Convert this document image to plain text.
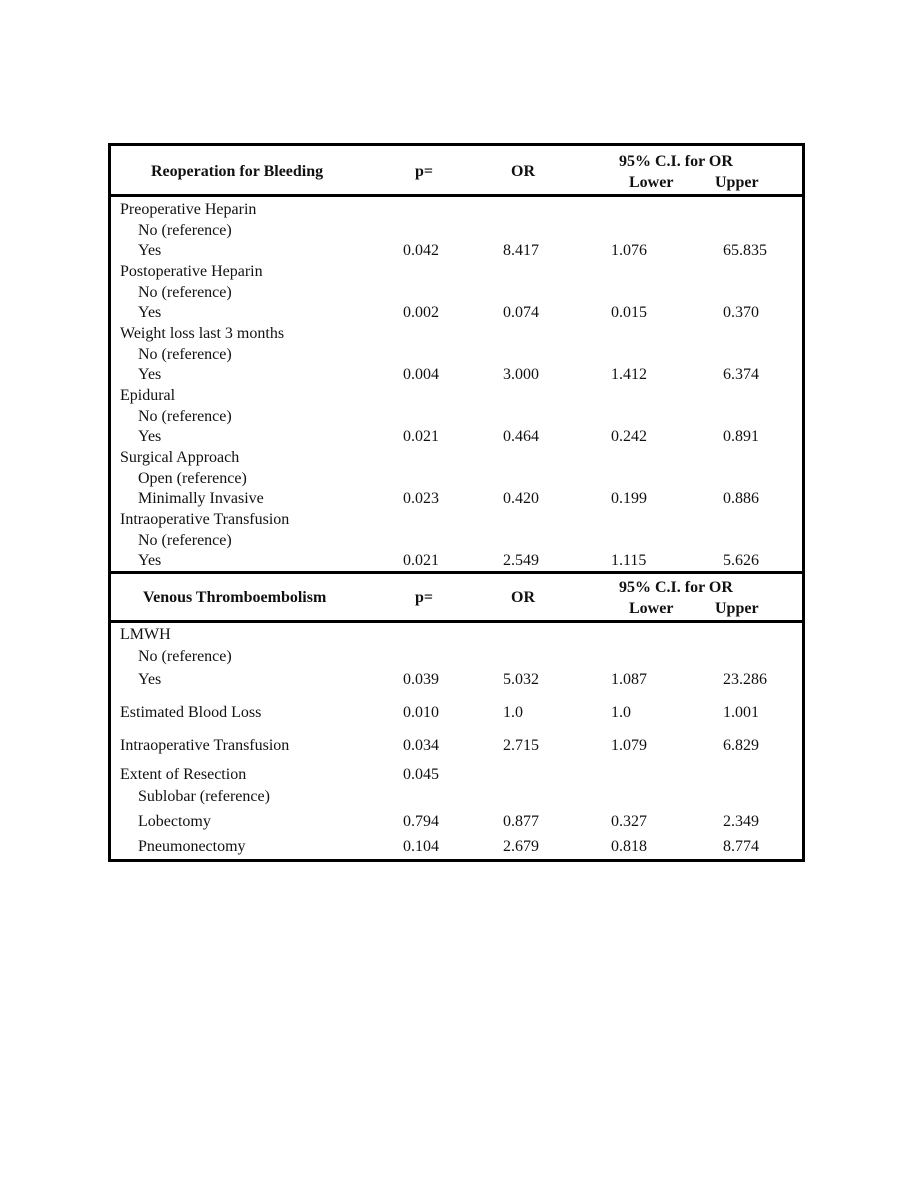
Reoperation for Bleeding	p=	OR
95% C.I. for OR
Lower	Upper
Preoperative Heparin
No (reference)
Yes	0.042	8.417	1.076	65.835
Postoperative Heparin
No (reference)
Yes	0.002	0.074	0.015	0.370
Weight loss last 3 months
No (reference)
Yes	0.004	3.000	1.412	6.374
Epidural
No (reference)
Yes	0.021	0.464	0.242	0.891
Surgical Approach
Open (reference)
Minimally Invasive	0.023	0.420	0.199	0.886
Intraoperative Transfusion
No (reference)
Yes	0.021	2.549	1.115	5.626
Venous Thromboembolism	p=	OR
95% C.I. for OR
Lower	Upper
LMWH
No (reference)
Yes	0.039	5.032	1.087	23.286
Estimated Blood Loss	0.010	1.0	1.0	1.001
Intraoperative Transfusion	0.034	2.715	1.079	6.829
Extent of Resection	0.045
Sublobar (reference)
Lobectomy	0.794	0.877	0.327	2.349
Pneumonectomy	0.104	2.679	0.818	8.774
